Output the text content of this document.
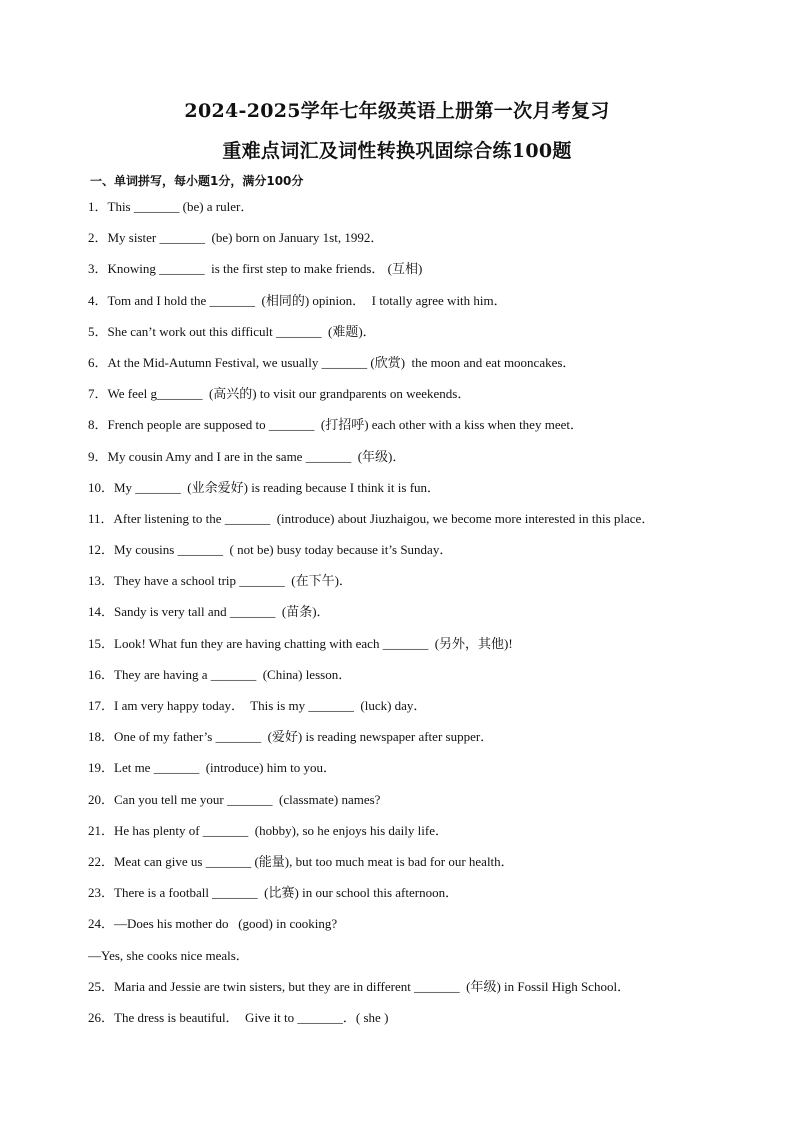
2024-2025学年七年级英语上册第一次月考复习
重难点词汇及词性转换巩固综合练100题
一、单词拼写，每小题1分，满分100分
1．This _______ (be) a ruler．
2．My sister _______  (be) born on January 1st, 1992．
3．Knowing _______  is the first step to make friends． (互相)
4．Tom and I hold the _______  (相同的) opinion．  I totally agree with him．
5．She can’t work out this difficult _______  (难题)．
6．At the Mid-Autumn Festival, we usually _______ (欣赏)  the moon and eat mooncakes．
7．We feel g_______  (高兴的) to visit our grandparents on weekends．
8．French people are supposed to _______  (打招呼) each other with a kiss when they meet．
9．My cousin Amy and I are in the same _______  (年级)．
10．My _______  (业余爱好) is reading because I think it is fun．
11．After listening to the _______  (introduce) about Jiuzhaigou, we become more interested in this place．
12．My cousins _______  ( not be) busy today because it’s Sunday．
13．They have a school trip _______  (在下午)．
14．Sandy is very tall and _______  (苗条)．
15．Look! What fun they are having chatting with each _______  (另外，其他)!
16．They are having a _______  (China) lesson．
17．I am very happy today．  This is my _______  (luck) day．
18．One of my father’s _______  (爱好) is reading newspaper after supper．
19．Let me _______  (introduce) him to you．
20．Can you tell me your _______  (classmate) names?
21．He has plenty of _______  (hobby), so he enjoys his daily life．
22．Meat can give us _______ (能量), but too much meat is bad for our health．
23．There is a football _______  (比赛) in our school this afternoon．
24．—Does his mother do   (good) in cooking?
—Yes, she cooks nice meals．
25．Maria and Jessie are twin sisters, but they are in different _______  (年级) in Fossil High School．
26．The dress is beautiful．  Give it to _______．( she )
